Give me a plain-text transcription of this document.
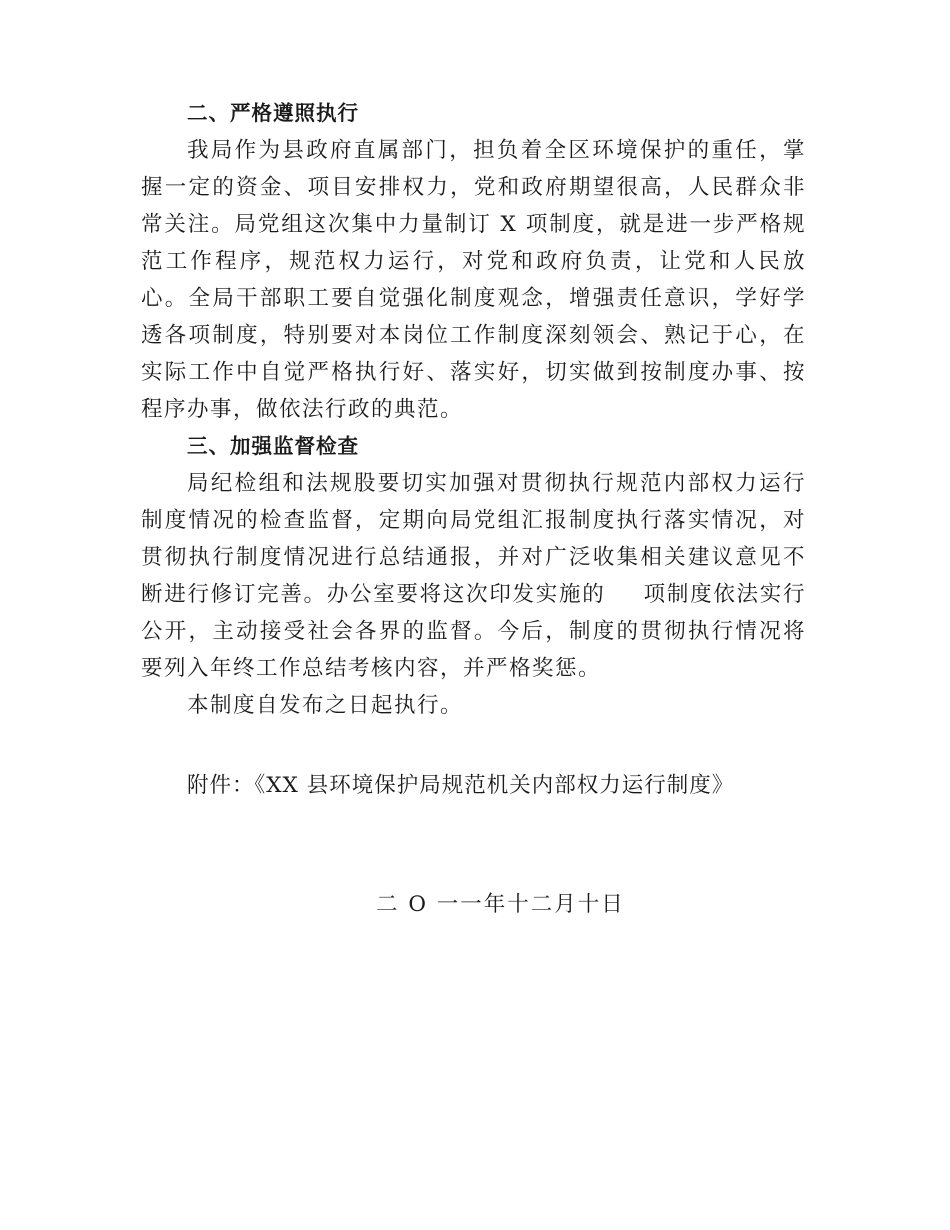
二、严格遵照执行

我局作为县政府直属部门，担负着全区环境保护的重任，掌握一定的资金、项目安排权力，党和政府期望很高，人民群众非常关注。局党组这次集中力量制订 X 项制度，就是进一步严格规范工作程序，规范权力运行，对党和政府负责，让党和人民放心。全局干部职工要自觉强化制度观念，增强责任意识，学好学透各项制度，特别要对本岗位工作制度深刻领会、熟记于心，在实际工作中自觉严格执行好、落实好，切实做到按制度办事、按程序办事，做依法行政的典范。

三、加强监督检查

局纪检组和法规股要切实加强对贯彻执行规范内部权力运行制度情况的检查监督，定期向局党组汇报制度执行落实情况，对贯彻执行制度情况进行总结通报，并对广泛收集相关建议意见不断进行修订完善。办公室要将这次印发实施的 项制度依法实行公开，主动接受社会各界的监督。今后，制度的贯彻执行情况将要列入年终工作总结考核内容，并严格奖惩。

本制度自发布之日起执行。

附件：《XX 县环境保护局规范机关内部权力运行制度》
二 O 一一年十二月十日
